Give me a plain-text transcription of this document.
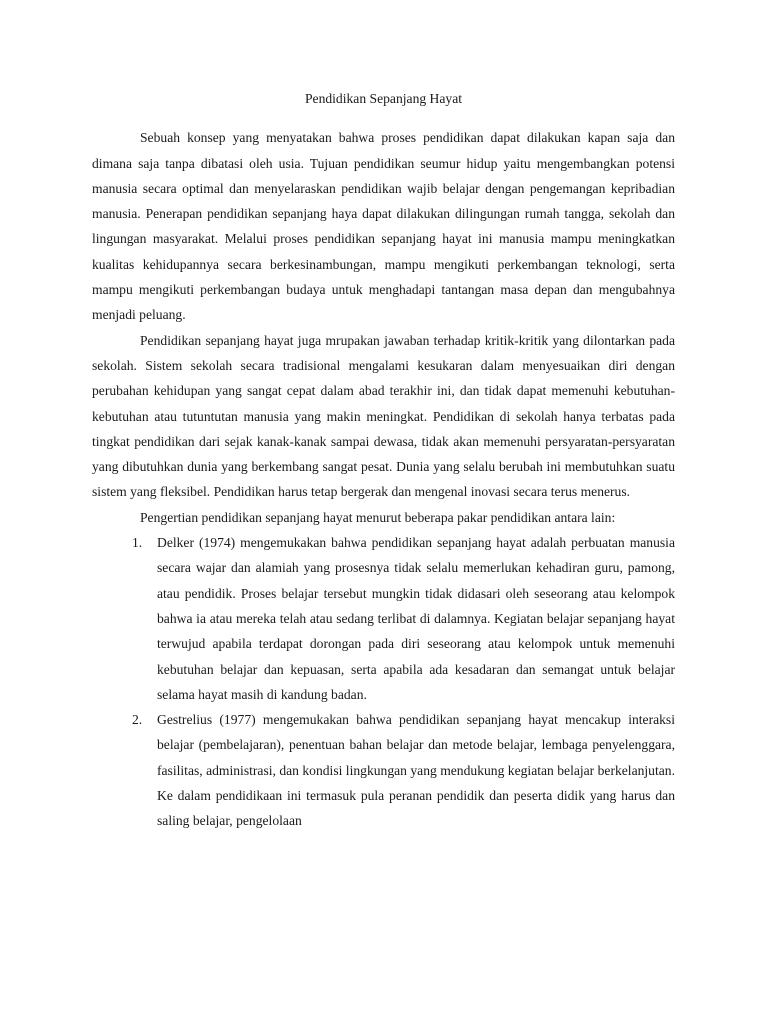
Pendidikan Sepanjang Hayat

Sebuah konsep yang menyatakan bahwa proses pendidikan dapat dilakukan kapan saja dan dimana saja tanpa dibatasi oleh usia. Tujuan pendidikan seumur hidup yaitu mengembangkan potensi manusia secara optimal dan menyelaraskan pendidikan wajib belajar dengan pengemangan kepribadian manusia. Penerapan pendidikan sepanjang haya dapat dilakukan dilingungan rumah tangga, sekolah dan lingungan masyarakat. Melalui proses pendidikan sepanjang hayat ini manusia mampu meningkatkan kualitas kehidupannya secara berkesinambungan, mampu mengikuti perkembangan teknologi, serta mampu mengikuti perkembangan budaya untuk menghadapi tantangan masa depan dan mengubahnya menjadi peluang.

Pendidikan sepanjang hayat juga mrupakan jawaban terhadap kritik-kritik yang dilontarkan pada sekolah. Sistem sekolah secara tradisional mengalami kesukaran dalam menyesuaikan diri dengan perubahan kehidupan yang sangat cepat dalam abad terakhir ini, dan tidak dapat memenuhi kebutuhan-kebutuhan atau tutuntutan manusia yang makin meningkat. Pendidikan di sekolah hanya terbatas pada tingkat pendidikan dari sejak kanak-kanak sampai dewasa, tidak akan memenuhi persyaratan-persyaratan yang dibutuhkan dunia yang berkembang sangat pesat. Dunia yang selalu berubah ini membutuhkan suatu sistem yang fleksibel. Pendidikan harus tetap bergerak dan mengenal inovasi secara terus menerus.

Pengertian pendidikan sepanjang hayat menurut beberapa pakar pendidikan antara lain:

1. Delker (1974) mengemukakan bahwa pendidikan sepanjang hayat adalah perbuatan manusia secara wajar dan alamiah yang prosesnya tidak selalu memerlukan kehadiran guru, pamong, atau pendidik. Proses belajar tersebut mungkin tidak didasari oleh seseorang atau kelompok bahwa ia atau mereka telah atau sedang terlibat di dalamnya. Kegiatan belajar sepanjang hayat terwujud apabila terdapat dorongan pada diri seseorang atau kelompok untuk memenuhi kebutuhan belajar dan kepuasan, serta apabila ada kesadaran dan semangat untuk belajar selama hayat masih di kandung badan.
2. Gestrelius (1977) mengemukakan bahwa pendidikan sepanjang hayat mencakup interaksi belajar (pembelajaran), penentuan bahan belajar dan metode belajar, lembaga penyelenggara, fasilitas, administrasi, dan kondisi lingkungan yang mendukung kegiatan belajar berkelanjutan. Ke dalam pendidikaan ini termasuk pula peranan pendidik dan peserta didik yang harus dan saling belajar, pengelolaan
